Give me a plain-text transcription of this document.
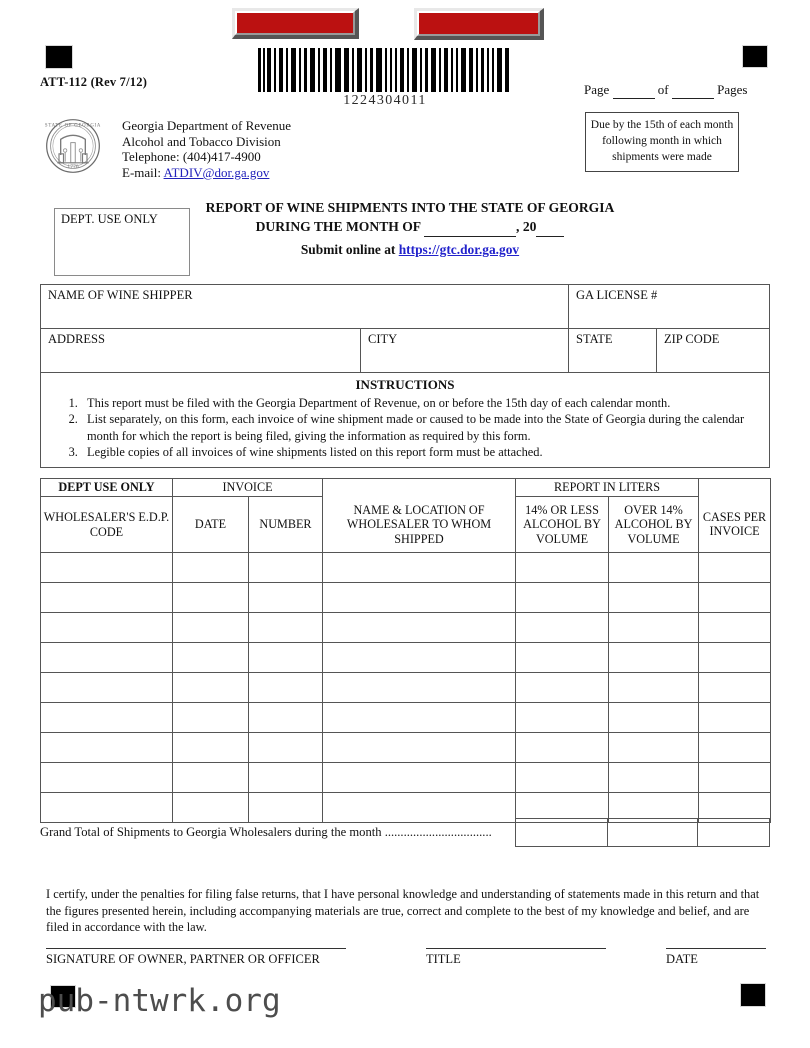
1224304011
ATT-112 (Rev 7/12)	Page	of	Pages
Due by the 15th of each month following month in which shipments were made
1776
STATE OF GEORGIA Georgia Department of Revenue
Alcohol and Tobacco Division
Telephone: (404)417-4900
E-mail: ATDIV@dor.ga.gov
DEPT. USE ONLY
REPORT OF WINE SHIPMENTS INTO THE STATE OF GEORGIA
DURING THE MONTH OF	, 20
Submit online at https://gtc.dor.ga.gov
NAME OF WINE SHIPPER	GA LICENSE #
ADDRESS	CITY	STATE	ZIP CODE
INSTRUCTIONS
1. This report must be filed with the Georgia Department of Revenue, on or before the 15th day of each calendar month.
2. List separately, on this form, each invoice of wine shipment made or caused to be made into the State of Georgia during the calendar month for which the report is being filed, giving the information as required by this form.
3. Legible copies of all invoices of wine shipments listed on this report form must be attached.
DEPT USE ONLY	INVOICE			REPORT IN LITERS		
WHOLESALER'S E.D.P. CODE	DATE	NUMBER	NAME & LOCATION OF WHOLESALER TO WHOM SHIPPED	14% OR LESS ALCOHOL BY VOLUME	OVER 14% ALCOHOL BY VOLUME	CASES PER INVOICE

Grand Total of Shipments to Georgia Wholesalers during the month ..................................
I certify, under the penalties for filing false returns, that I have personal knowledge and understanding of statements made in this return and that the figures presented herein, including accompanying materials are true, correct and complete to the best of my knowledge and belief, and are filed in accordance with the law.
SIGNATURE OF OWNER, PARTNER OR OFFICER	TITLE	DATE
pub-ntwrk.org
